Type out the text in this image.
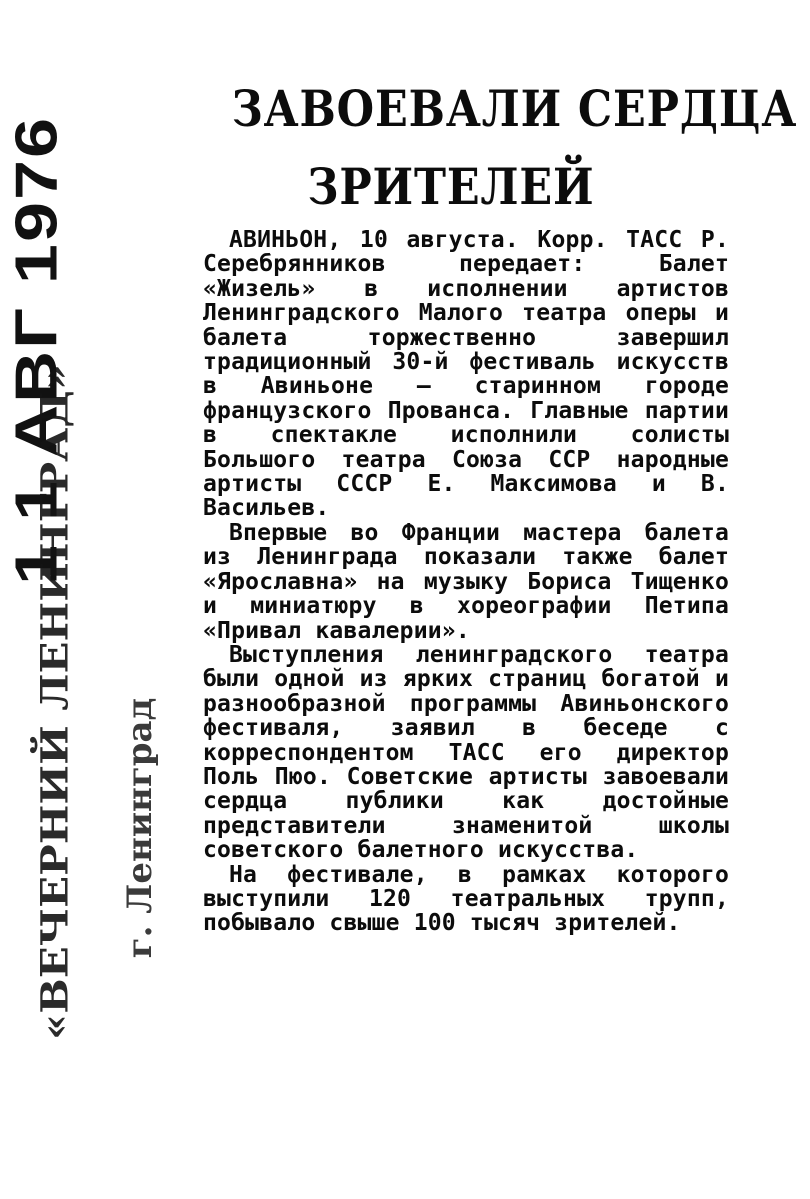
1 1 АВГ 1976
«ВЕЧЕРНИЙ ЛЕНИНГРАД» г. Ленинград
ЗАВОЕВАЛИ СЕРДЦА
ЗРИТЕЛЕЙ

АВИНЬОН, 10 августа. Корр. ТАСС Р. Серебрянников передает: Балет «Жизель» в исполнении артистов Ленинградского Малого театра оперы и балета торжественно завершил традиционный 30-й фестиваль искусств в Авиньоне — старинном городе французского Прованса. Главные партии в спектакле исполнили солисты Большого театра Союза ССР народные артисты СССР Е. Максимова и В. Васильев.

Впервые во Франции мастера балета из Ленинграда показали также балет «Ярославна» на музыку Бориса Тищенко и миниатюру в хореографии Петипа «Привал кавалерии».

Выступления ленинградского театра были одной из ярких страниц богатой и разнообразной программы Авиньонского фестиваля, заявил в беседе с корреспондентом ТАСС его директор Поль Пюо. Советские артисты завоевали сердца публики как достойные представители знаменитой школы советского балетного искусства.

На фестивале, в рамках которого выступили 120 театральных трупп, побывало свыше 100 тысяч зрителей.
